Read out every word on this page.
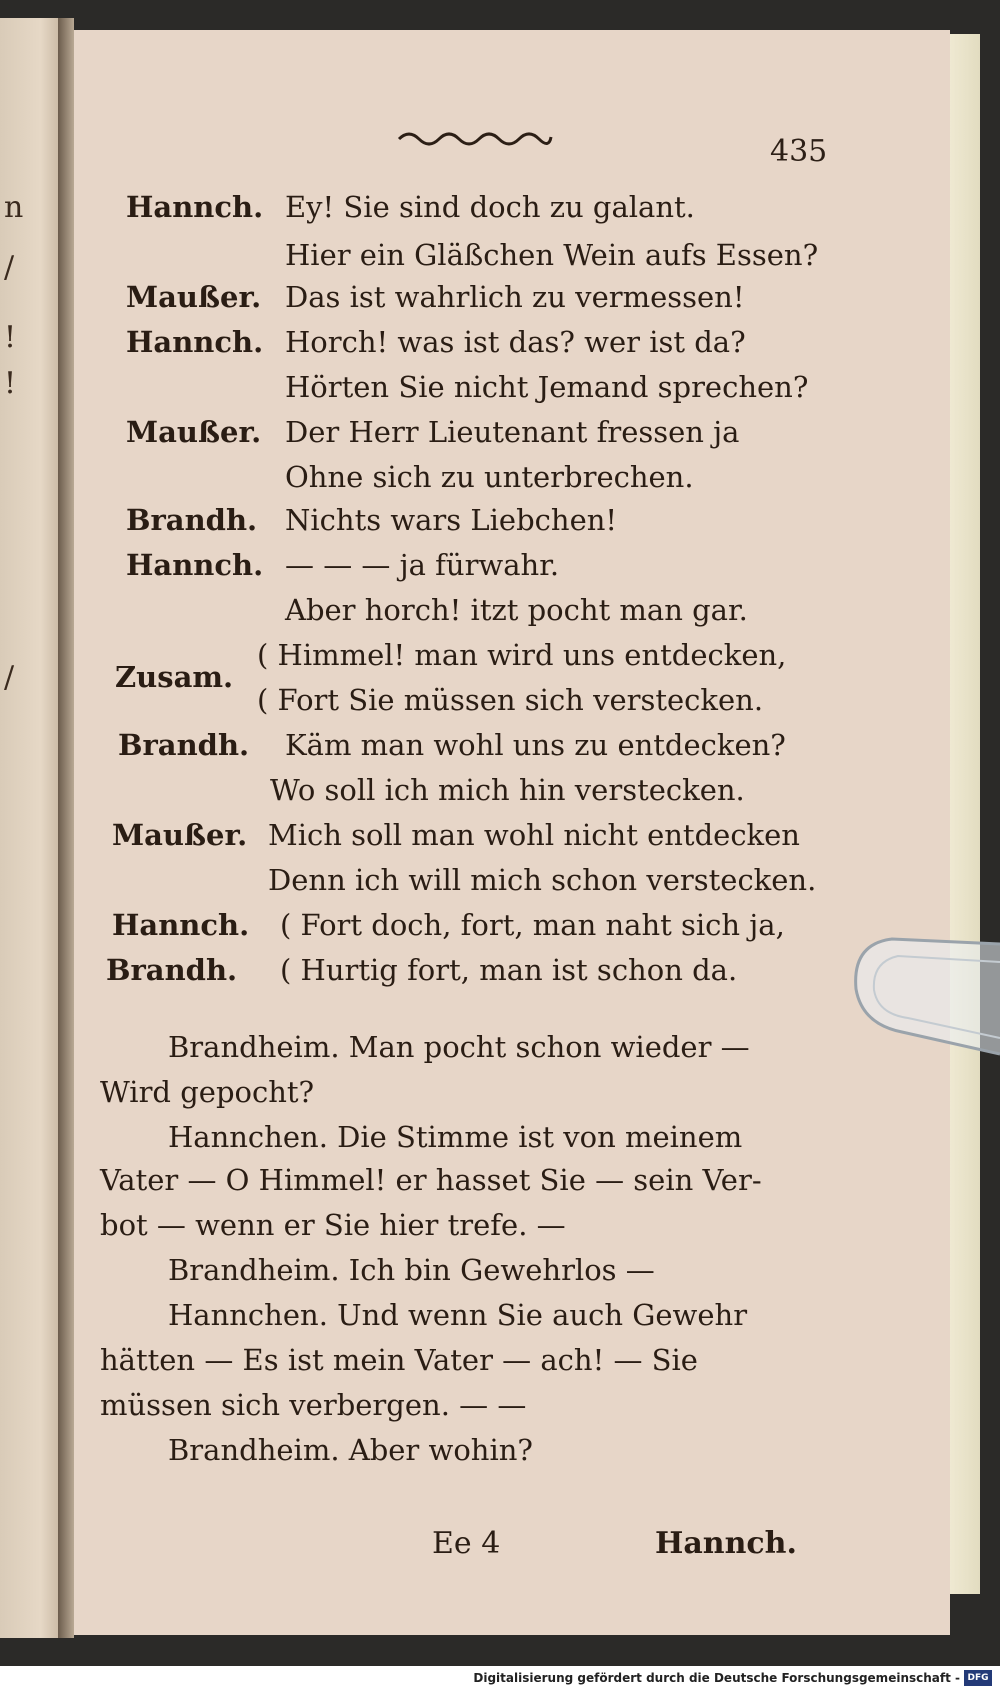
n
/
!
!
/
435
Hannch. Ey! Sie sind doch zu galant.
Hier ein Gläßchen Wein aufs Essen?
Maußer. Das ist wahrlich zu vermessen!
Hannch. Horch! was ist das? wer ist da?
Hörten Sie nicht Jemand sprechen?
Maußer. Der Herr Lieutenant fressen ja
Ohne sich zu unterbrechen.
Brandh. Nichts wars Liebchen!
Hannch. — — — ja fürwahr.
Aber horch! itzt pocht man gar.
Zusam.
( Himmel! man wird uns entdecken,
( Fort Sie müssen sich verstecken.
Brandh. Käm man wohl uns zu entdecken?
Wo soll ich mich hin verstecken.
Maußer. Mich soll man wohl nicht entdecken
Denn ich will mich schon verstecken.
Hannch. ( Fort doch, fort, man naht sich ja,
Brandh. ( Hurtig fort, man ist schon da.
Brandheim. Man pocht schon wieder —
Wird gepocht?
Hannchen. Die Stimme ist von meinem
Vater — O Himmel! er hasset Sie — sein Ver-
bot — wenn er Sie hier trefe. —
Brandheim. Ich bin Gewehrlos —
Hannchen. Und wenn Sie auch Gewehr
hätten — Es ist mein Vater — ach! — Sie
müssen sich verbergen. — —
Brandheim. Aber wohin?
Ee 4	Hannch.
Digitalisierung gefördert durch die Deutsche Forschungsgemeinschaft - DFG
